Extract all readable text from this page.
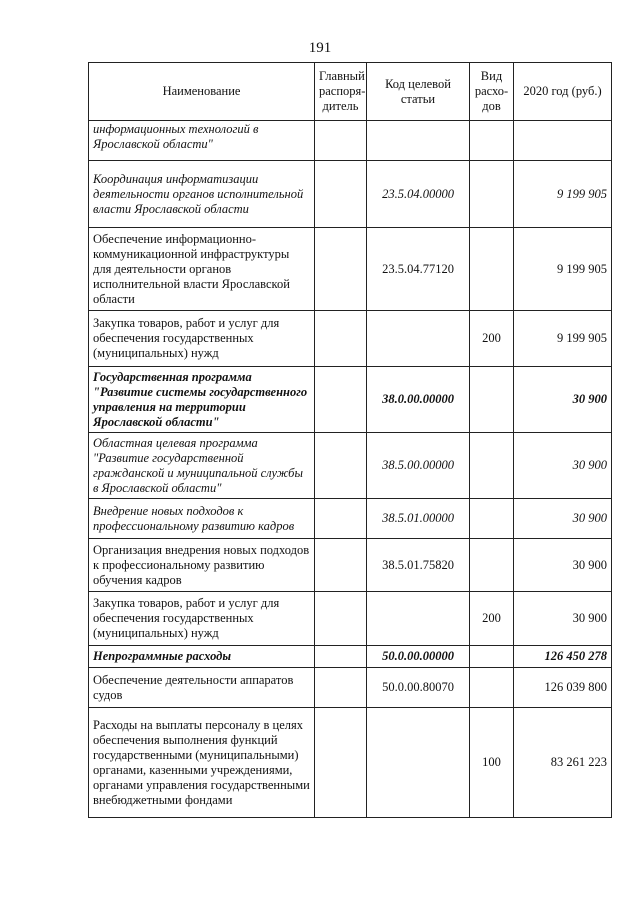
191
Наименование	Главный распоря-дитель	Код целевой статьи	Вид расхо-дов	2020 год (руб.)
информационных технологий в Ярославской области"				
Координация информатизации деятельности органов исполнительной власти Ярославской области		23.5.04.00000		9 199 905
Обеспечение информационно-коммуникационной инфраструктуры для деятельности органов исполнительной власти Ярославской области		23.5.04.77120		9 199 905
Закупка товаров, работ и услуг для обеспечения государственных (муниципальных) нужд			200	9 199 905
Государственная программа "Развитие системы государственного управления на территории Ярославской области"		38.0.00.00000		30 900
Областная целевая программа "Развитие государственной гражданской и муниципальной службы в Ярославской области"		38.5.00.00000		30 900
Внедрение новых подходов к профессиональному развитию кадров		38.5.01.00000		30 900
Организация внедрения новых подходов к профессиональному развитию обучения кадров		38.5.01.75820		30 900
Закупка товаров, работ и услуг для обеспечения государственных (муниципальных) нужд			200	30 900
Непрограммные расходы		50.0.00.00000		126 450 278
Обеспечение деятельности аппаратов судов		50.0.00.80070		126 039 800
Расходы на выплаты персоналу в целях обеспечения выполнения функций государственными (муниципальными) органами, казенными учреждениями, органами управления государственными внебюджетными фондами			100	83 261 223
